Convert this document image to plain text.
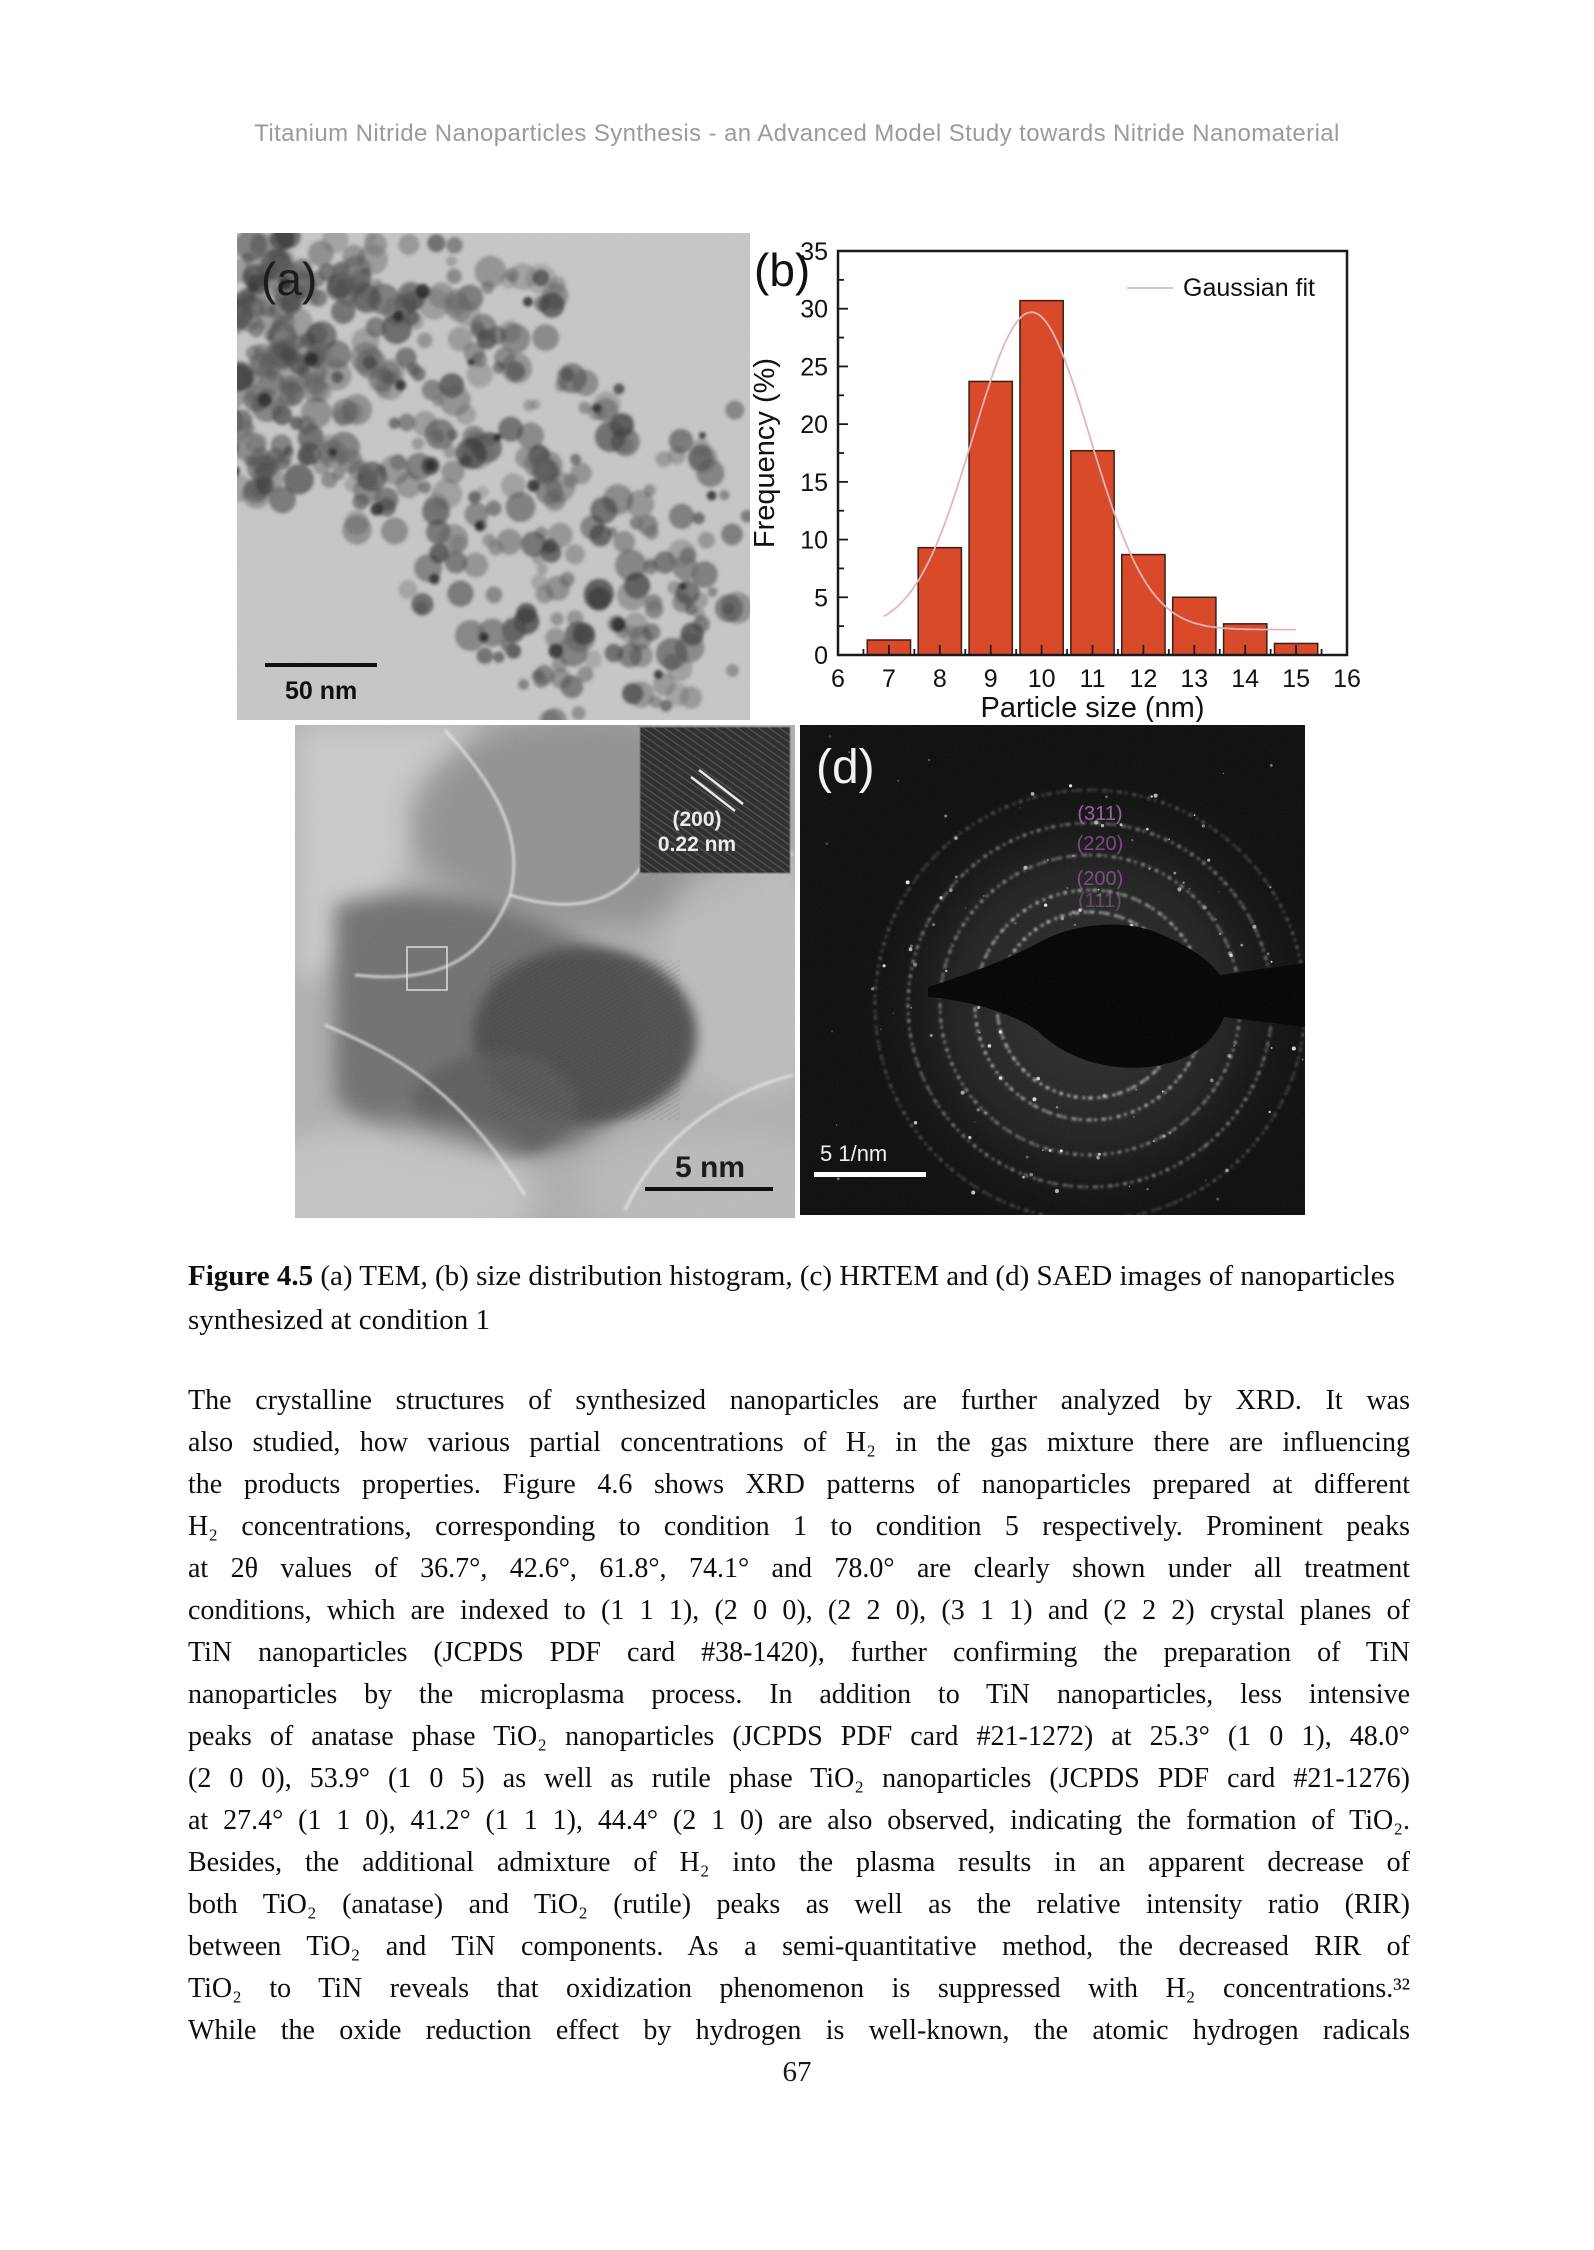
Titanium Nitride Nanoparticles Synthesis - an Advanced Model Study towards Nitride Nanomaterial
(a)
50 nm
0
5
10
15
20
25
30
35
6 7 8 9 10 11 12 13 14 15 16
Frequency (%)
Particle size (nm)
Gaussian fit
(b)
(200)
0.22 nm
5 nm
(311)
(220)
(200)
(111)
(d)
5 1/nm
Figure 4.5 (a) TEM, (b) size distribution histogram, (c) HRTEM and (d) SAED images of nanoparticles
synthesized at condition 1
The crystalline structures of synthesized nanoparticles are further analyzed by XRD. It was
also studied, how various partial concentrations of H₂ in the gas mixture there are influencing
the products properties. Figure 4.6 shows XRD patterns of nanoparticles prepared at different
H₂ concentrations, corresponding to condition 1 to condition 5 respectively. Prominent peaks
at 2θ values of 36.7°, 42.6°, 61.8°, 74.1° and 78.0° are clearly shown under all treatment
conditions, which are indexed to (1 1 1), (2 0 0), (2 2 0), (3 1 1) and (2 2 2) crystal planes of
TiN nanoparticles (JCPDS PDF card #38-1420), further confirming the preparation of TiN
nanoparticles by the microplasma process. In addition to TiN nanoparticles, less intensive
peaks of anatase phase TiO₂ nanoparticles (JCPDS PDF card #21-1272) at 25.3° (1 0 1), 48.0°
(2 0 0), 53.9° (1 0 5) as well as rutile phase TiO₂ nanoparticles (JCPDS PDF card #21-1276)
at 27.4° (1 1 0), 41.2° (1 1 1), 44.4° (2 1 0) are also observed, indicating the formation of TiO₂.
Besides, the additional admixture of H₂ into the plasma results in an apparent decrease of
both TiO₂ (anatase) and TiO₂ (rutile) peaks as well as the relative intensity ratio (RIR)
between TiO₂ and TiN components. As a semi-quantitative method, the decreased RIR of
TiO₂ to TiN reveals that oxidization phenomenon is suppressed with H₂ concentrations.³²
While the oxide reduction effect by hydrogen is well-known, the atomic hydrogen radicals
67
